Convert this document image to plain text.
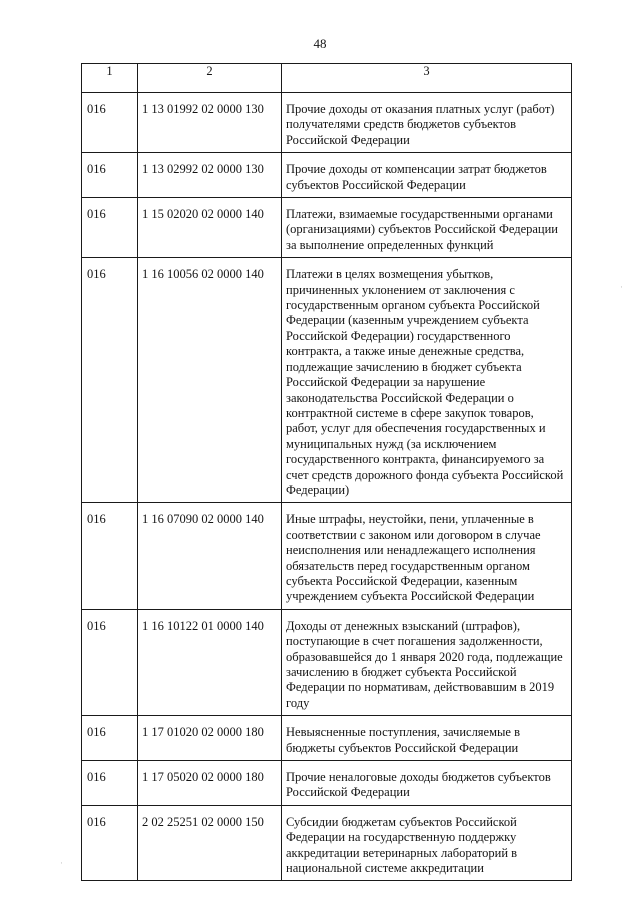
48
1	2	3

016	1 13 01992 02 0000 130	Прочие доходы от оказания платных услуг (работ) получателями средств бюджетов субъектов Российской Федерации

016	1 13 02992 02 0000 130	Прочие доходы от компенсации затрат бюджетов субъектов Российской Федерации

016	1 15 02020 02 0000 140	Платежи, взимаемые государственными органами (организациями) субъектов Российской Федерации за выполнение определенных функций

016	1 16 10056 02 0000 140	Платежи в целях возмещения убытков, причиненных уклонением от заключения с государственным органом субъекта Российской Федерации (казенным учреждением субъекта Российской Федерации) государственного контракта, а также иные денежные средства, подлежащие зачислению в бюджет субъекта Российской Федерации за нарушение законодательства Российской Федерации о контрактной системе в сфере закупок товаров, работ, услуг для обеспечения государственных и муниципальных нужд (за исключением государственного контракта, финансируемого за счет средств дорожного фонда субъекта Российской Федерации)

016	1 16 07090 02 0000 140	Иные штрафы, неустойки, пени, уплаченные в соответствии с законом или договором в случае неисполнения или ненадлежащего исполнения обязательств перед государственным органом субъекта Российской Федерации, казенным учреждением субъекта Российской Федерации

016	1 16 10122 01 0000 140	Доходы от денежных взысканий (штрафов), поступающие в счет погашения задолженности, образовавшейся до 1 января 2020 года, подлежащие зачислению в бюджет субъекта Российской Федерации по нормативам, действовавшим в 2019 году

016	1 17 01020 02 0000 180	Невыясненные поступления, зачисляемые в бюджеты субъектов Российской Федерации

016	1 17 05020 02 0000 180	Прочие неналоговые доходы бюджетов субъектов Российской Федерации

016	2 02 25251 02 0000 150	Субсидии бюджетам субъектов Российской Федерации на государственную поддержку аккредитации ветеринарных лабораторий в национальной системе аккредитации
·
·
